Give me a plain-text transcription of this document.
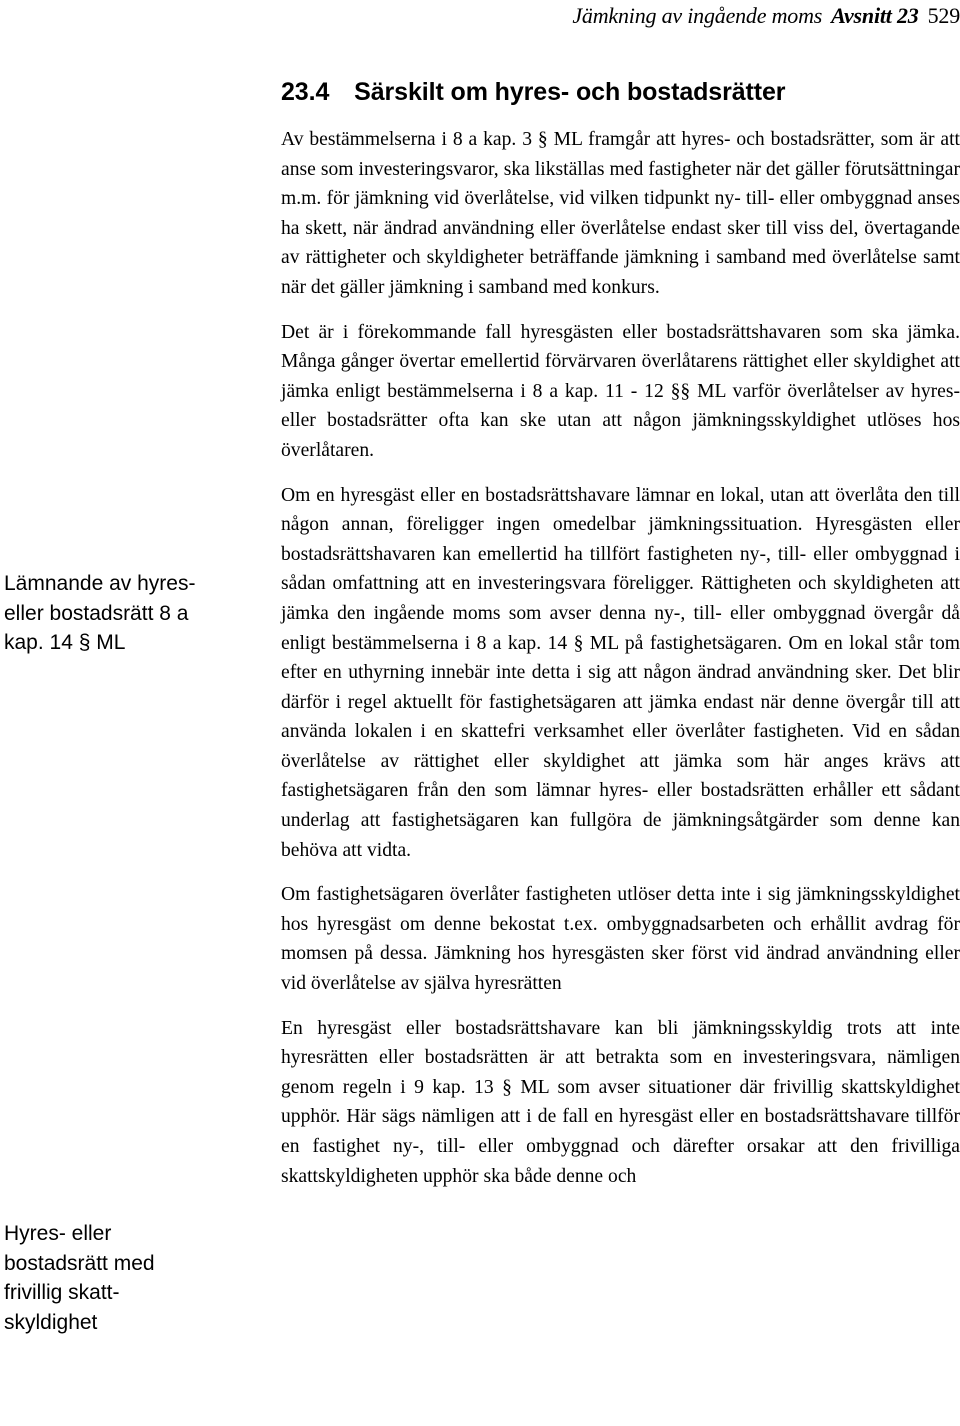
Jämkning av ingående moms Avsnitt 23 529
23.4 Särskilt om hyres- och bostadsrätter

Av bestämmelserna i 8 a kap. 3 § ML framgår att hyres- och bostadsrätter, som är att anse som investeringsvaror, ska likställas med fastigheter när det gäller förutsättningar m.m. för jämkning vid överlåtelse, vid vilken tidpunkt ny- till- eller ombyggnad anses ha skett, när ändrad användning eller överlåtelse endast sker till viss del, övertagande av rättigheter och skyldigheter beträffande jämkning i samband med överlåtelse samt när det gäller jämkning i samband med konkurs.

Det är i förekommande fall hyresgästen eller bostadsrättshavaren som ska jämka. Många gånger övertar emellertid förvärvaren överlåtarens rättighet eller skyldighet att jämka enligt bestämmelserna i 8 a kap. 11 - 12 §§ ML varför överlåtelser av hyres- eller bostadsrätter ofta kan ske utan att någon jämkningsskyldighet utlöses hos överlåtaren.

Om en hyresgäst eller en bostadsrättshavare lämnar en lokal, utan att överlåta den till någon annan, föreligger ingen omedelbar jämkningssituation. Hyresgästen eller bostadsrättshavaren kan emellertid ha tillfört fastigheten ny-, till- eller ombyggnad i sådan omfattning att en investeringsvara föreligger. Rättigheten och skyldigheten att jämka den ingående moms som avser denna ny-, till- eller ombyggnad övergår då enligt bestämmelserna i 8 a kap. 14 § ML på fastighetsägaren. Om en lokal står tom efter en uthyrning innebär inte detta i sig att någon ändrad användning sker. Det blir därför i regel aktuellt för fastighetsägaren att jämka endast när denne övergår till att använda lokalen i en skattefri verksamhet eller överlåter fastigheten. Vid en sådan överlåtelse av rättighet eller skyldighet att jämka som här anges krävs att fastighetsägaren från den som lämnar hyres- eller bostadsrätten erhåller ett sådant underlag att fastighetsägaren kan fullgöra de jämkningsåtgärder som denne kan behöva att vidta.

Om fastighetsägaren överlåter fastigheten utlöser detta inte i sig jämkningsskyldighet hos hyresgäst om denne bekostat t.ex. ombyggnadsarbeten och erhållit avdrag för momsen på dessa. Jämkning hos hyresgästen sker först vid ändrad användning eller vid överlåtelse av själva hyresrätten

En hyresgäst eller bostadsrättshavare kan bli jämkningsskyldig trots att inte hyresrätten eller bostadsrätten är att betrakta som en investeringsvara, nämligen genom regeln i 9 kap. 13 § ML som avser situationer där frivillig skattskyldighet upphör. Här sägs nämligen att i de fall en hyresgäst eller en bostadsrättshavare tillför en fastighet ny-, till- eller ombyggnad och därefter orsakar att den frivilliga skattskyldigheten upphör ska både denne och

Lämnande av hyres- eller bostadsrätt 8 a kap. 14 § ML

Hyres- eller bostadsrätt med frivillig skatt-skyldighet
